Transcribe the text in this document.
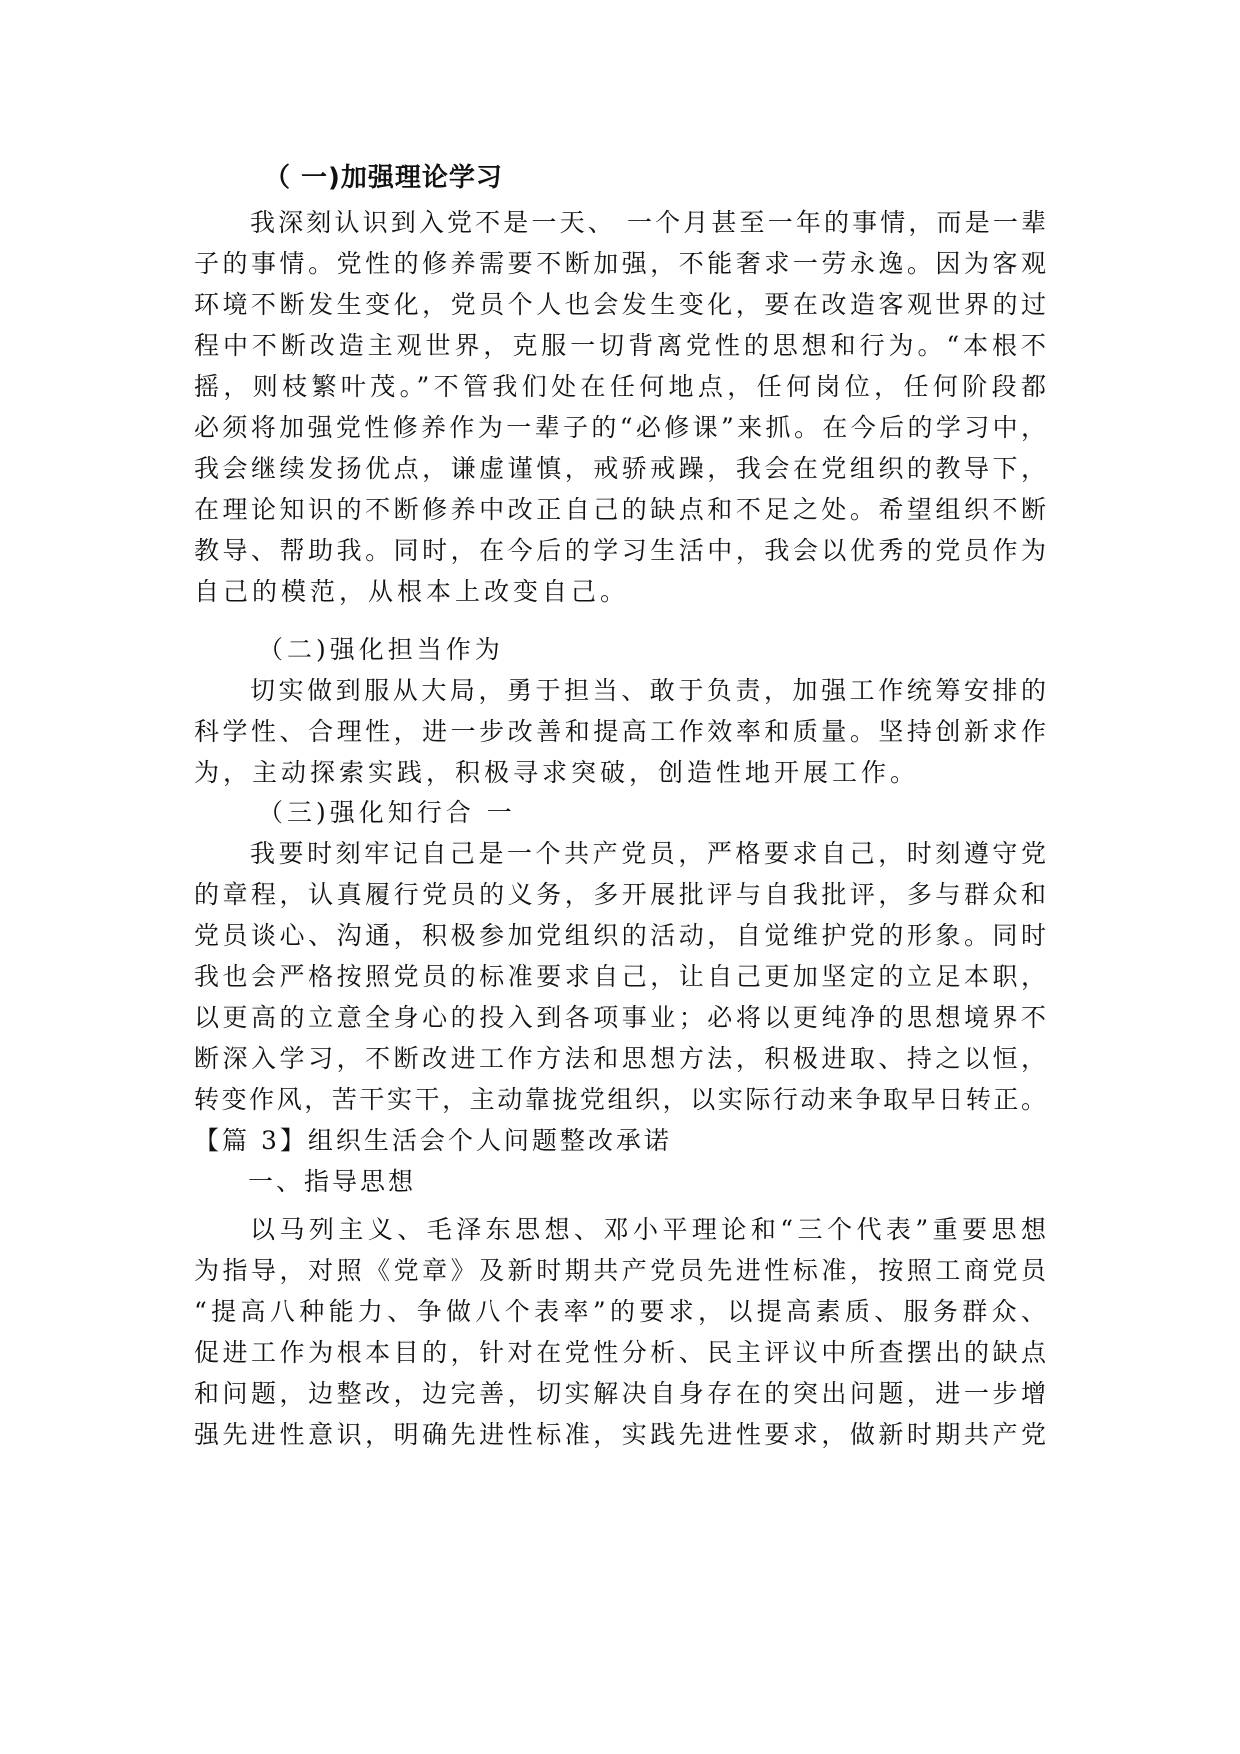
（ 一)加强理论学习
我深刻认识到入党不是一天、 一个月甚至一年的事情，而是一辈
子的事情。党性的修养需要不断加强，不能奢求一劳永逸。因为客观
环境不断发生变化，党员个人也会发生变化，要在改造客观世界的过
程中不断改造主观世界，克服一切背离党性的思想和行为。“本根不
摇，则枝繁叶茂。”不管我们处在任何地点，任何岗位，任何阶段都
必须将加强党性修养作为一辈子的“必修课”来抓。在今后的学习中，
我会继续发扬优点，谦虚谨慎，戒骄戒躁，我会在党组织的教导下，
在理论知识的不断修养中改正自己的缺点和不足之处。希望组织不断
教导、帮助我。同时，在今后的学习生活中，我会以优秀的党员作为
自己的模范，从根本上改变自己。
（二)强化担当作为
切实做到服从大局，勇于担当、敢于负责，加强工作统筹安排的
科学性、合理性，进一步改善和提高工作效率和质量。坚持创新求作
为，主动探索实践，积极寻求突破，创造性地开展工作。
（三)强化知行合 一
我要时刻牢记自己是一个共产党员，严格要求自己，时刻遵守党
的章程，认真履行党员的义务，多开展批评与自我批评，多与群众和
党员谈心、沟通，积极参加党组织的活动，自觉维护党的形象。同时
我也会严格按照党员的标准要求自己，让自己更加坚定的立足本职，
以更高的立意全身心的投入到各项事业；必将以更纯净的思想境界不
断深入学习，不断改进工作方法和思想方法，积极进取、持之以恒，
转变作风，苦干实干，主动靠拢党组织，以实际行动来争取早日转正。
【篇 3】组织生活会个人问题整改承诺
一、指导思想
以马列主义、毛泽东思想、邓小平理论和“三个代表”重要思想
为指导，对照《党章》及新时期共产党员先进性标准，按照工商党员
“提高八种能力、争做八个表率”的要求，以提高素质、服务群众、
促进工作为根本目的，针对在党性分析、民主评议中所查摆出的缺点
和问题，边整改，边完善，切实解决自身存在的突出问题，进一步增
强先进性意识，明确先进性标准，实践先进性要求，做新时期共产党
